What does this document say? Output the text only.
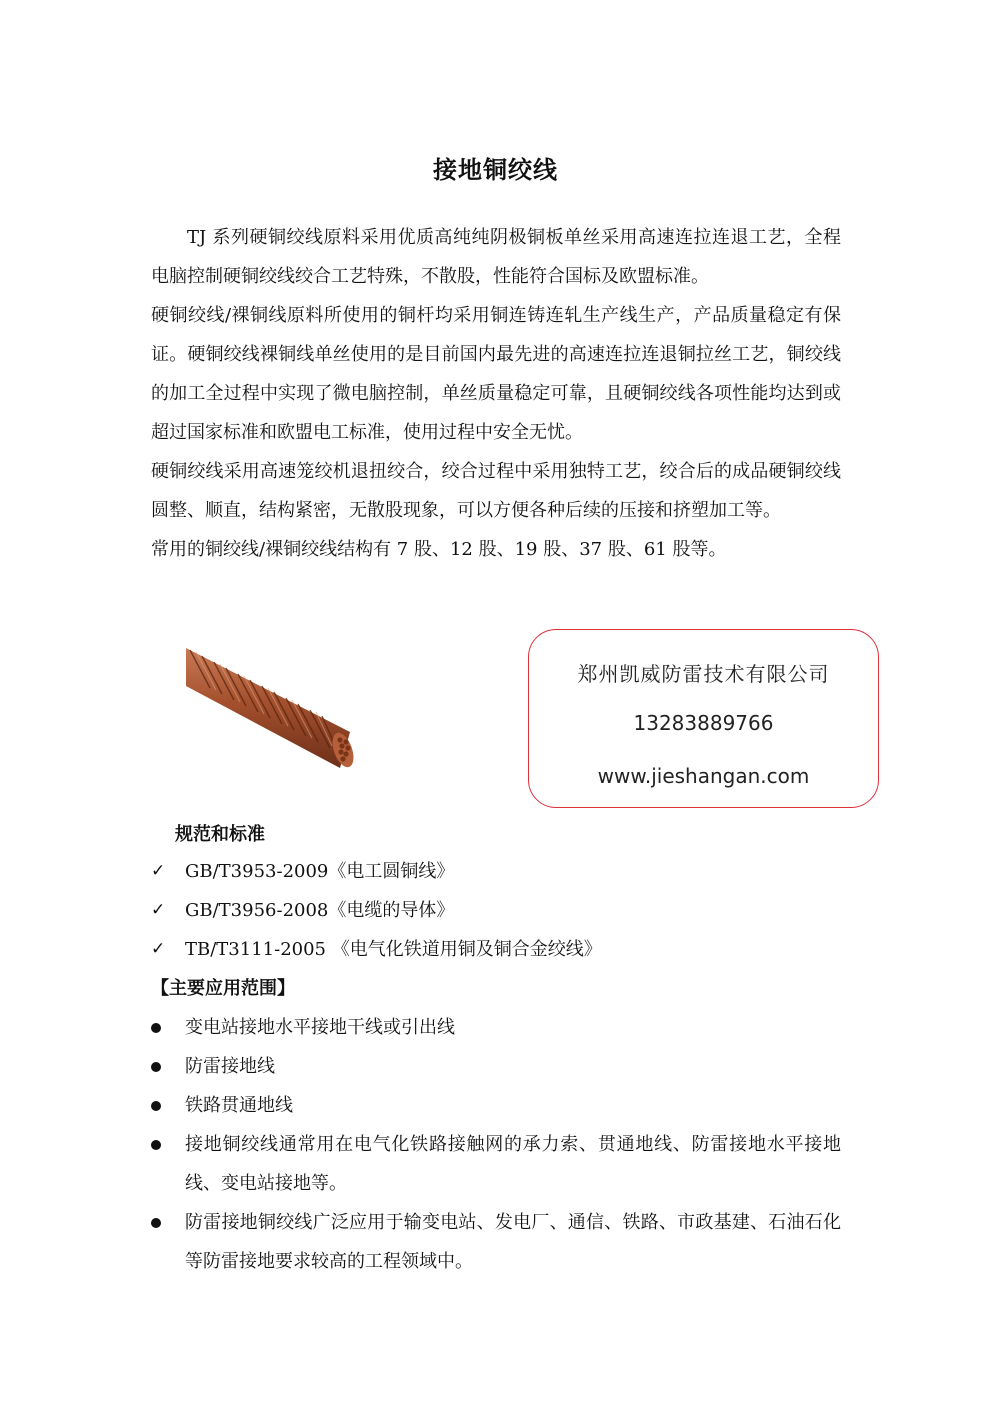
接地铜绞线

TJ 系列硬铜绞线原料采用优质高纯纯阴极铜板单丝采用高速连拉连退工艺，全程电脑控制硬铜绞线绞合工艺特殊，不散股，性能符合国标及欧盟标准。

硬铜绞线/裸铜线原料所使用的铜杆均采用铜连铸连轧生产线生产，产品质量稳定有保证。硬铜绞线裸铜线单丝使用的是目前国内最先进的高速连拉连退铜拉丝工艺，铜绞线的加工全过程中实现了微电脑控制，单丝质量稳定可靠，且硬铜绞线各项性能均达到或超过国家标准和欧盟电工标准，使用过程中安全无忧。

硬铜绞线采用高速笼绞机退扭绞合，绞合过程中采用独特工艺，绞合后的成品硬铜绞线圆整、顺直，结构紧密，无散股现象，可以方便各种后续的压接和挤塑加工等。

常用的铜绞线/裸铜绞线结构有 7 股、12 股、19 股、37 股、61 股等。

郑州凯威防雷技术有限公司
13283889766
www.jieshangan.com
规范和标准
✓ GB/T3953-2009《电工圆铜线》
✓ GB/T3956-2008《电缆的导体》
✓ TB/T3111-2005 《电气化铁道用铜及铜合金绞线》
【主要应用范围】
变电站接地水平接地干线或引出线
防雷接地线
铁路贯通地线
接地铜绞线通常用在电气化铁路接触网的承力索、贯通地线、防雷接地水平接地线、变电站接地等。
防雷接地铜绞线广泛应用于输变电站、发电厂、通信、铁路、市政基建、石油石化等防雷接地要求较高的工程领域中。
